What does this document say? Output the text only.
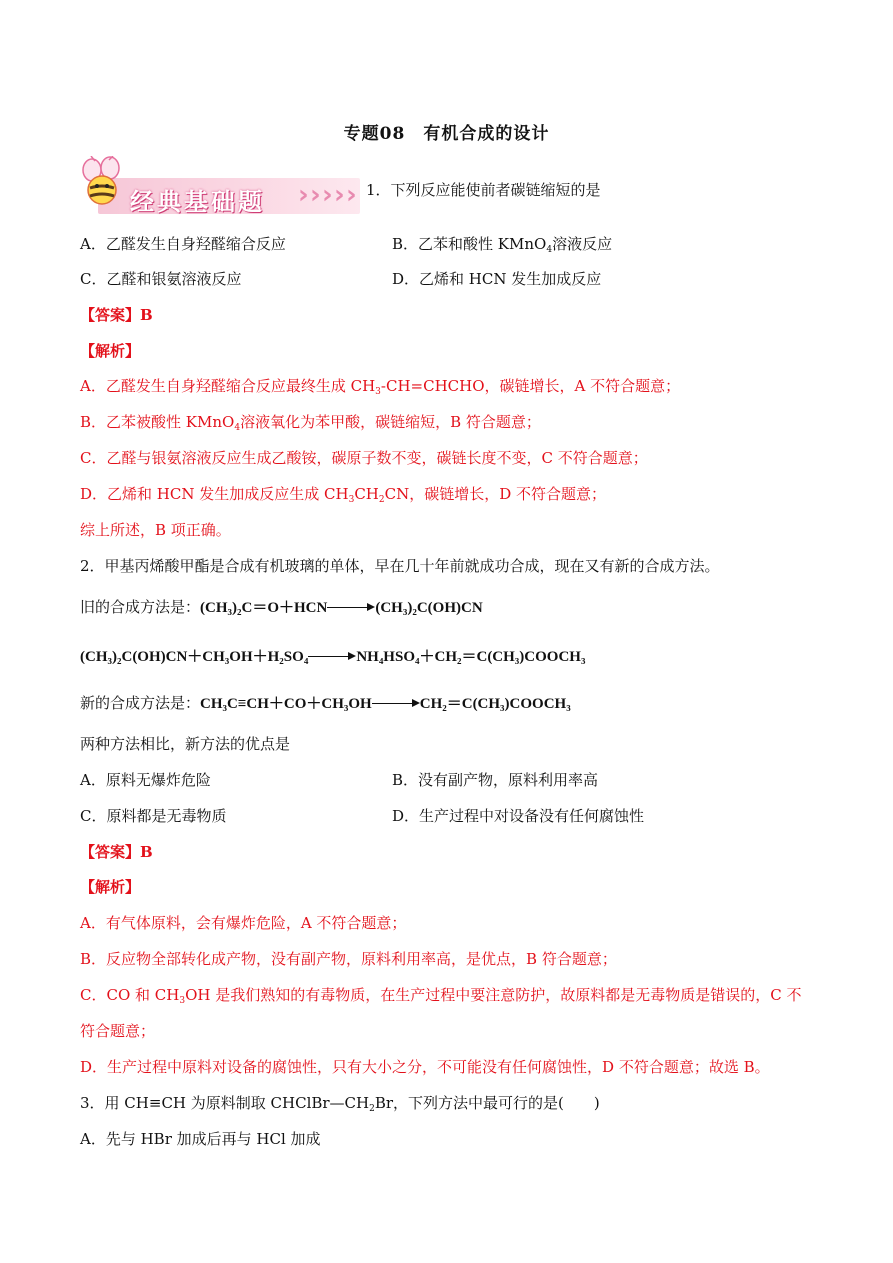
专题08　有机合成的设计
经典基础题 › › › › › 1．下列反应能使前者碳链缩短的是
A．乙醛发生自身羟醛缩合反应	B．乙苯和酸性 KMnO$_4$溶液反应
C．乙醛和银氨溶液反应	D．乙烯和 HCN 发生加成反应
【答案】B
【解析】
A．乙醛发生自身羟醛缩合反应最终生成 $CH_3-CH=CHCHO$，碳链增长，A 不符合题意；
B．乙苯被酸性 KMnO$_4$溶液氧化为苯甲酸，碳链缩短，B 符合题意；
C．乙醛与银氨溶液反应生成乙酸铵，碳原子数不变，碳链长度不变，C 不符合题意；
D．乙烯和 HCN 发生加成反应生成 $CH_3CH_2CN$，碳链增长，D 不符合题意；
综上所述，B 项正确。
2．甲基丙烯酸甲酯是合成有机玻璃的单体，早在几十年前就成功合成，现在又有新的合成方法。
旧的合成方法是：(CH₃)₂C＝O＋HCN	(CH₃)₂C(OH)CN
(CH₃)₂C(OH)CN＋CH₃OH＋H₂SO₄	NH₄HSO₄＋CH₂＝C(CH₃)COOCH₃
新的合成方法是：CH₃C≡CH＋CO＋CH₃OH	CH₂＝C(CH₃)COOCH₃
两种方法相比，新方法的优点是
A．原料无爆炸危险	B．没有副产物，原料利用率高
C．原料都是无毒物质	D．生产过程中对设备没有任何腐蚀性
【答案】B
【解析】
A．有气体原料，会有爆炸危险，A 不符合题意；
B．反应物全部转化成产物，没有副产物，原料利用率高，是优点，B 符合题意；
C．CO 和 $CH_3OH$ 是我们熟知的有毒物质，在生产过程中要注意防护，故原料都是无毒物质是错误的，C 不
符合题意；
D．生产过程中原料对设备的腐蚀性，只有大小之分，不可能没有任何腐蚀性，D 不符合题意；故选 B。
3．用 CH≡CH 为原料制取 $CHClBr—CH_2Br$，下列方法中最可行的是(　　)
A．先与 HBr 加成后再与 HCl 加成
